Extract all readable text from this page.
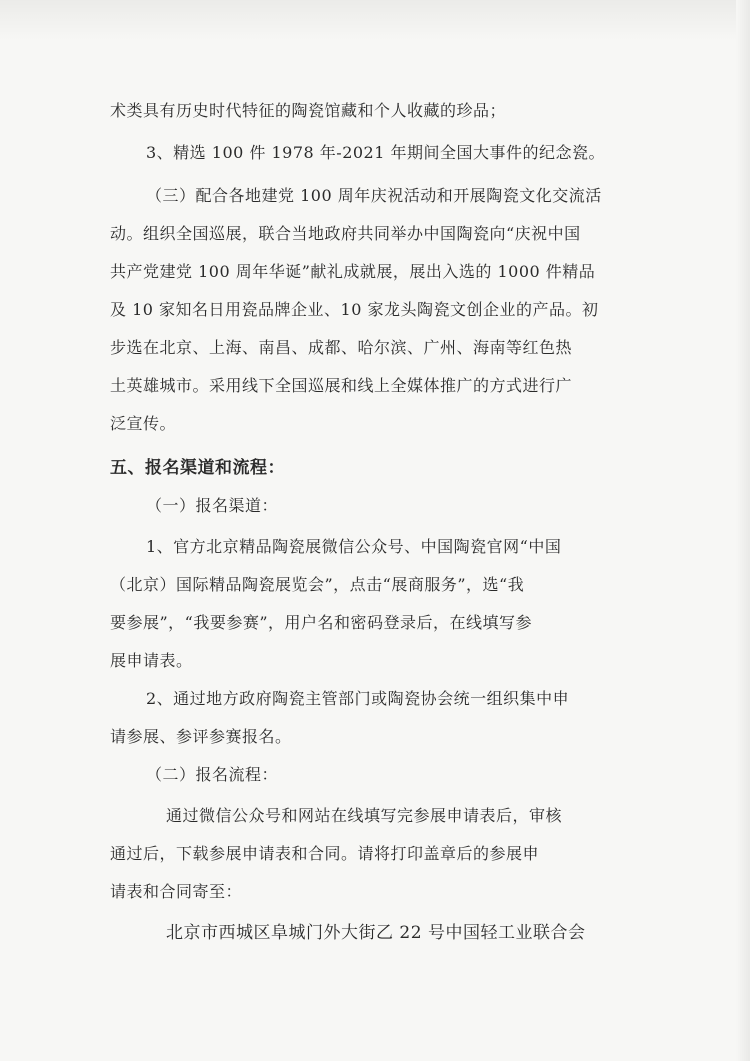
术类具有历史时代特征的陶瓷馆藏和个人收藏的珍品；
3、精选 100 件 1978 年-2021 年期间全国大事件的纪念瓷。
（三）配合各地建党 100 周年庆祝活动和开展陶瓷文化交流活
动。组织全国巡展，联合当地政府共同举办中国陶瓷向“庆祝中国
共产党建党 100 周年华诞”献礼成就展，展出入选的 1000 件精品
及 10 家知名日用瓷品牌企业、10 家龙头陶瓷文创企业的产品。初
步选在北京、上海、南昌、成都、哈尔滨、广州、海南等红色热
土英雄城市。采用线下全国巡展和线上全媒体推广的方式进行广
泛宣传。
五、报名渠道和流程：
（一）报名渠道：
1、官方北京精品陶瓷展微信公众号、中国陶瓷官网“中国
（北京）国际精品陶瓷展览会”，点击“展商服务”，选“我
要参展”，“我要参赛”，用户名和密码登录后，在线填写参
展申请表。
2、通过地方政府陶瓷主管部门或陶瓷协会统一组织集中申
请参展、参评参赛报名。
（二）报名流程：
通过微信公众号和网站在线填写完参展申请表后，审核
通过后，下载参展申请表和合同。请将打印盖章后的参展申
请表和合同寄至：
北京市西城区阜城门外大街乙 22 号中国轻工业联合会
